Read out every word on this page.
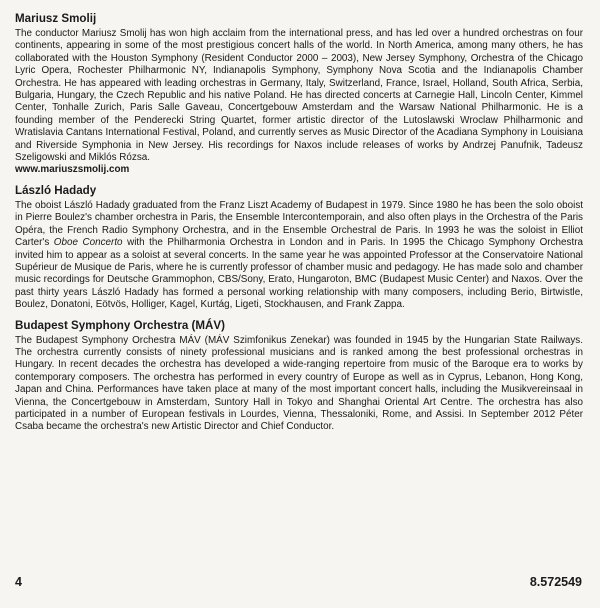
Mariusz Smolij

The conductor Mariusz Smolij has won high acclaim from the international press, and has led over a hundred orchestras on four continents, appearing in some of the most prestigious concert halls of the world. In North America, among many others, he has collaborated with the Houston Symphony (Resident Conductor 2000 – 2003), New Jersey Symphony, Orchestra of the Chicago Lyric Opera, Rochester Philharmonic NY, Indianapolis Symphony, Symphony Nova Scotia and the Indianapolis Chamber Orchestra. He has appeared with leading orchestras in Germany, Italy, Switzerland, France, Israel, Holland, South Africa, Serbia, Bulgaria, Hungary, the Czech Republic and his native Poland. He has directed concerts at Carnegie Hall, Lincoln Center, Kimmel Center, Tonhalle Zurich, Paris Salle Gaveau, Concertgebouw Amsterdam and the Warsaw National Philharmonic. He is a founding member of the Penderecki String Quartet, former artistic director of the Lutoslawski Wroclaw Philharmonic and Wratislavia Cantans International Festival, Poland, and currently serves as Music Director of the Acadiana Symphony in Louisiana and Riverside Symphonia in New Jersey. His recordings for Naxos include releases of works by Andrzej Panufnik, Tadeusz Szeligowski and Miklós Rózsa.
www.mariuszsmolij.com

László Hadady

The oboist László Hadady graduated from the Franz Liszt Academy of Budapest in 1979. Since 1980 he has been the solo oboist in Pierre Boulez's chamber orchestra in Paris, the Ensemble Intercontemporain, and also often plays in the Orchestra of the Paris Opéra, the French Radio Symphony Orchestra, and in the Ensemble Orchestral de Paris. In 1993 he was the soloist in Elliot Carter's Oboe Concerto with the Philharmonia Orchestra in London and in Paris. In 1995 the Chicago Symphony Orchestra invited him to appear as a soloist at several concerts. In the same year he was appointed Professor at the Conservatoire National Supérieur de Musique de Paris, where he is currently professor of chamber music and pedagogy. He has made solo and chamber music recordings for Deutsche Grammophon, CBS/Sony, Erato, Hungaroton, BMC (Budapest Music Center) and Naxos. Over the past thirty years László Hadady has formed a personal working relationship with many composers, including Berio, Birtwistle, Boulez, Donatoni, Eötvös, Holliger, Kagel, Kurtág, Ligeti, Stockhausen, and Frank Zappa.

Budapest Symphony Orchestra (MÁV)

The Budapest Symphony Orchestra MÁV (MÁV Szimfonikus Zenekar) was founded in 1945 by the Hungarian State Railways. The orchestra currently consists of ninety professional musicians and is ranked among the best professional orchestras in Hungary. In recent decades the orchestra has developed a wide-ranging repertoire from music of the Baroque era to works by contemporary composers. The orchestra has performed in every country of Europe as well as in Cyprus, Lebanon, Hong Kong, Japan and China. Performances have taken place at many of the most important concert halls, including the Musikvereinsaal in Vienna, the Concertgebouw in Amsterdam, Suntory Hall in Tokyo and Shanghai Oriental Art Centre. The orchestra has also participated in a number of European festivals in Lourdes, Vienna, Thessaloniki, Rome, and Assisi. In September 2012 Péter Csaba became the orchestra's new Artistic Director and Chief Conductor.

4	8.572549
